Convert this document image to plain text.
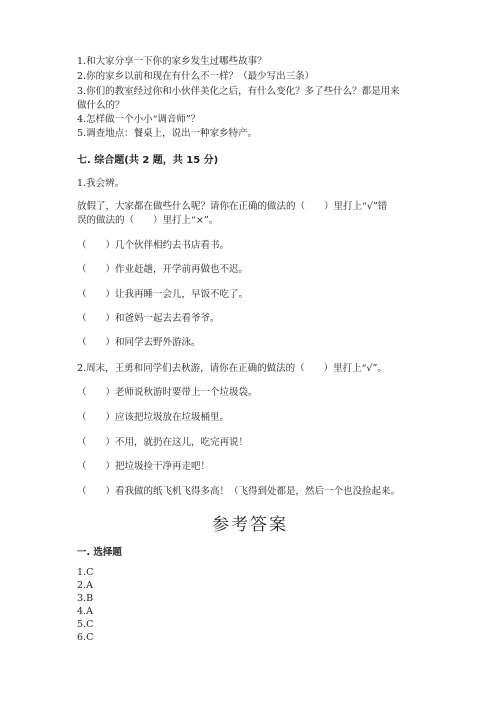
1.和大家分享一下你的家乡发生过哪些故事？
2.你的家乡以前和现在有什么不一样？（最少写出三条）
3.你们的教室经过你和小伙伴美化之后，有什么变化？多了些什么？都是用来
做什么的？
4.怎样做一个小小“调音师”？
5.调查地点：餐桌上，说出一种家乡特产。
七. 综合题(共 2 题，共 15 分)
1.我会辨。
放假了，大家都在做些什么呢？请你在正确的做法的（　　）里打上“√”错
误的做法的（　　）里打上“×”。
（　　）几个伙伴相约去书店看书。
（　　）作业赶趟，开学前再做也不迟。
（　　）让我再睡一会儿，早饭不吃了。
（　　）和爸妈一起去去看爷爷。
（　　）和同学去野外游泳。
2.周末，王勇和同学们去秋游，请你在正确的做法的（　　）里打上“√”。
（　　）老师说秋游时要带上一个垃圾袋。
（　　）应该把垃圾放在垃圾桶里。
（　　）不用，就扔在这儿，吃完再说！
（　　）把垃圾捡干净再走吧！
（　　）看我做的纸飞机飞得多高！（飞得到处都是，然后一个也没捡起来。
参考答案
一. 选择题
1.C
2.A
3.B
4.A
5.C
6.C
